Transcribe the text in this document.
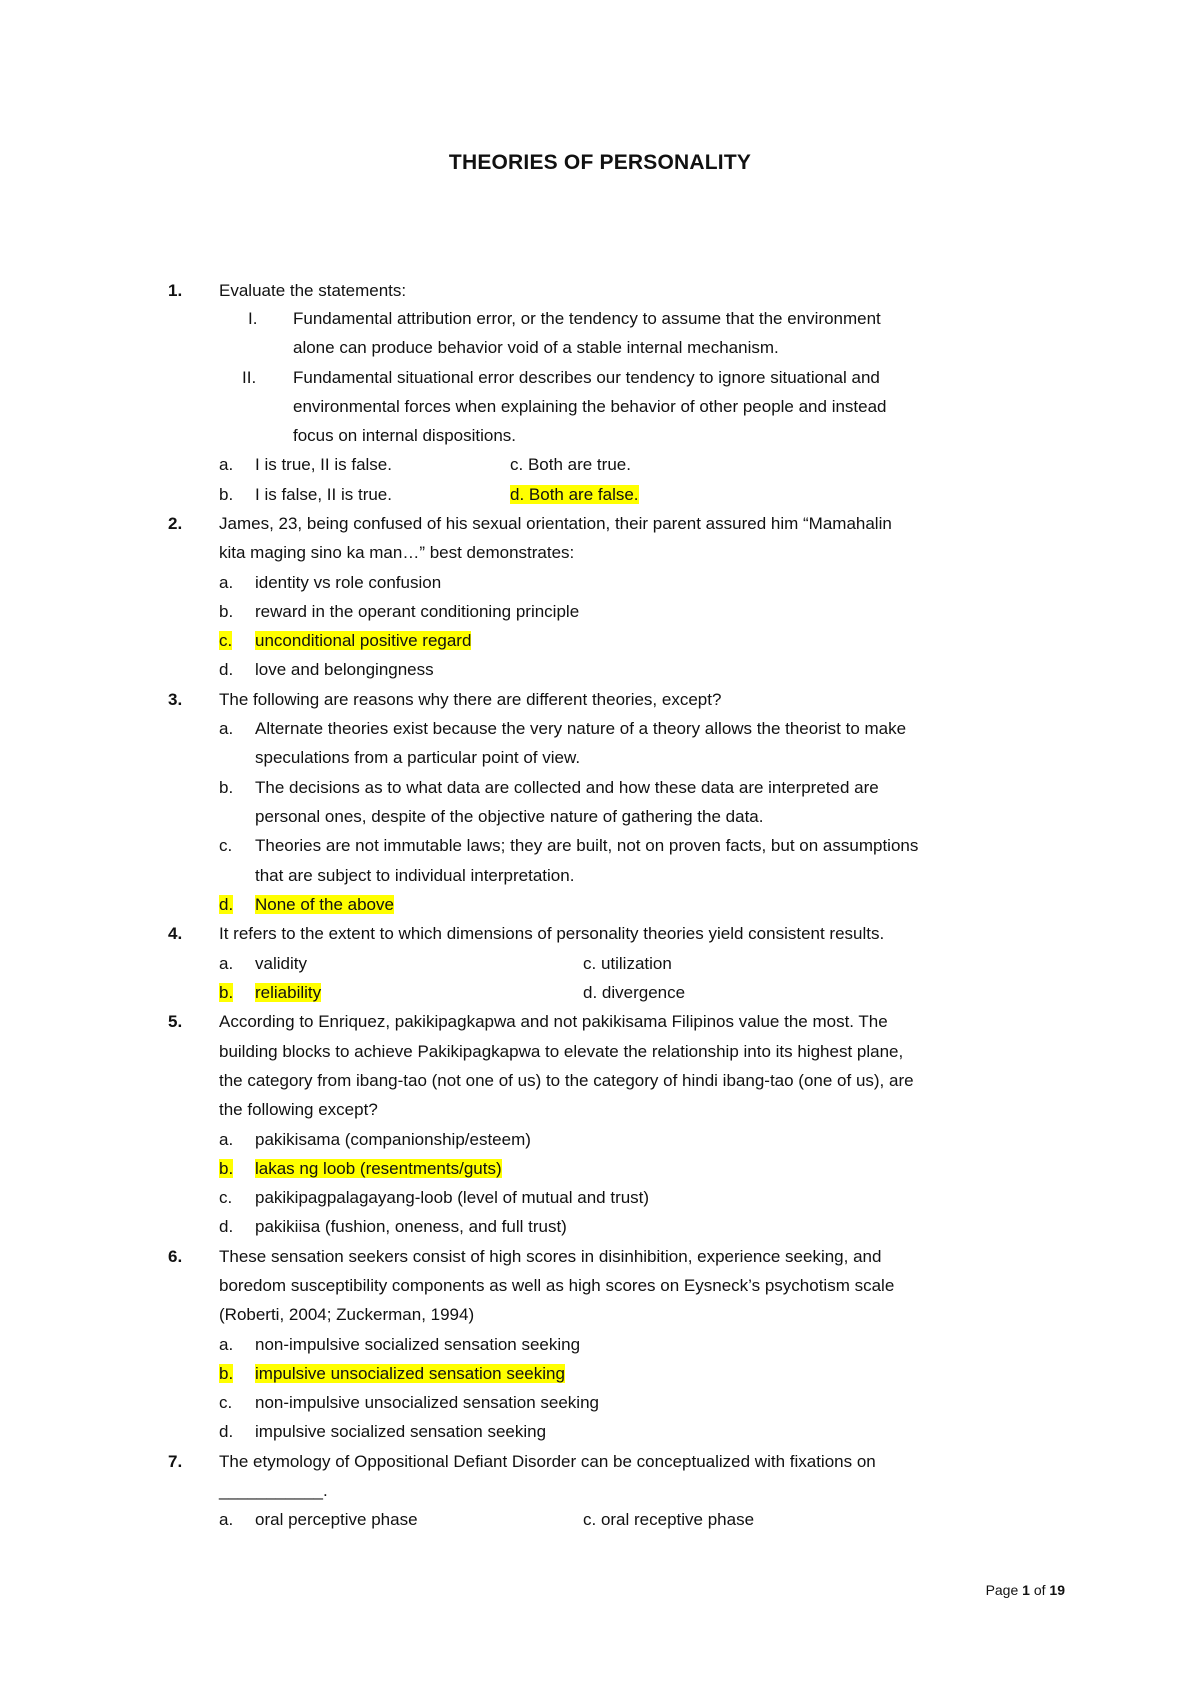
THEORIES OF PERSONALITY
1. Evaluate the statements:
I. Fundamental attribution error, or the tendency to assume that the environment
alone can produce behavior void of a stable internal mechanism.
II. Fundamental situational error describes our tendency to ignore situational and
environmental forces when explaining the behavior of other people and instead
focus on internal dispositions.
a. I is true, II is false.	c. Both are true.
b. I is false, II is true.	d. Both are false.
2. James, 23, being confused of his sexual orientation, their parent assured him “Mamahalin
kita maging sino ka man…” best demonstrates:
a. identity vs role confusion
b. reward in the operant conditioning principle
c. unconditional positive regard
d. love and belongingness
3. The following are reasons why there are different theories, except?
a. Alternate theories exist because the very nature of a theory allows the theorist to make
speculations from a particular point of view.
b. The decisions as to what data are collected and how these data are interpreted are
personal ones, despite of the objective nature of gathering the data.
c. Theories are not immutable laws; they are built, not on proven facts, but on assumptions
that are subject to individual interpretation.
d. None of the above
4. It refers to the extent to which dimensions of personality theories yield consistent results.
a. validity	c. utilization
b. reliability	d. divergence
5. According to Enriquez, pakikipagkapwa and not pakikisama Filipinos value the most. The
building blocks to achieve Pakikipagkapwa to elevate the relationship into its highest plane,
the category from ibang-tao (not one of us) to the category of hindi ibang-tao (one of us), are
the following except?
a. pakikisama (companionship/esteem)
b. lakas ng loob (resentments/guts)
c. pakikipagpalagayang-loob (level of mutual and trust)
d. pakikiisa (fushion, oneness, and full trust)
6. These sensation seekers consist of high scores in disinhibition, experience seeking, and
boredom susceptibility components as well as high scores on Eysneck’s psychotism scale
(Roberti, 2004; Zuckerman, 1994)
a. non-impulsive socialized sensation seeking
b. impulsive unsocialized sensation seeking
c. non-impulsive unsocialized sensation seeking
d. impulsive socialized sensation seeking
7. The etymology of Oppositional Defiant Disorder can be conceptualized with fixations on
___________.
a. oral perceptive phase	c. oral receptive phase
Page 1 of 19
